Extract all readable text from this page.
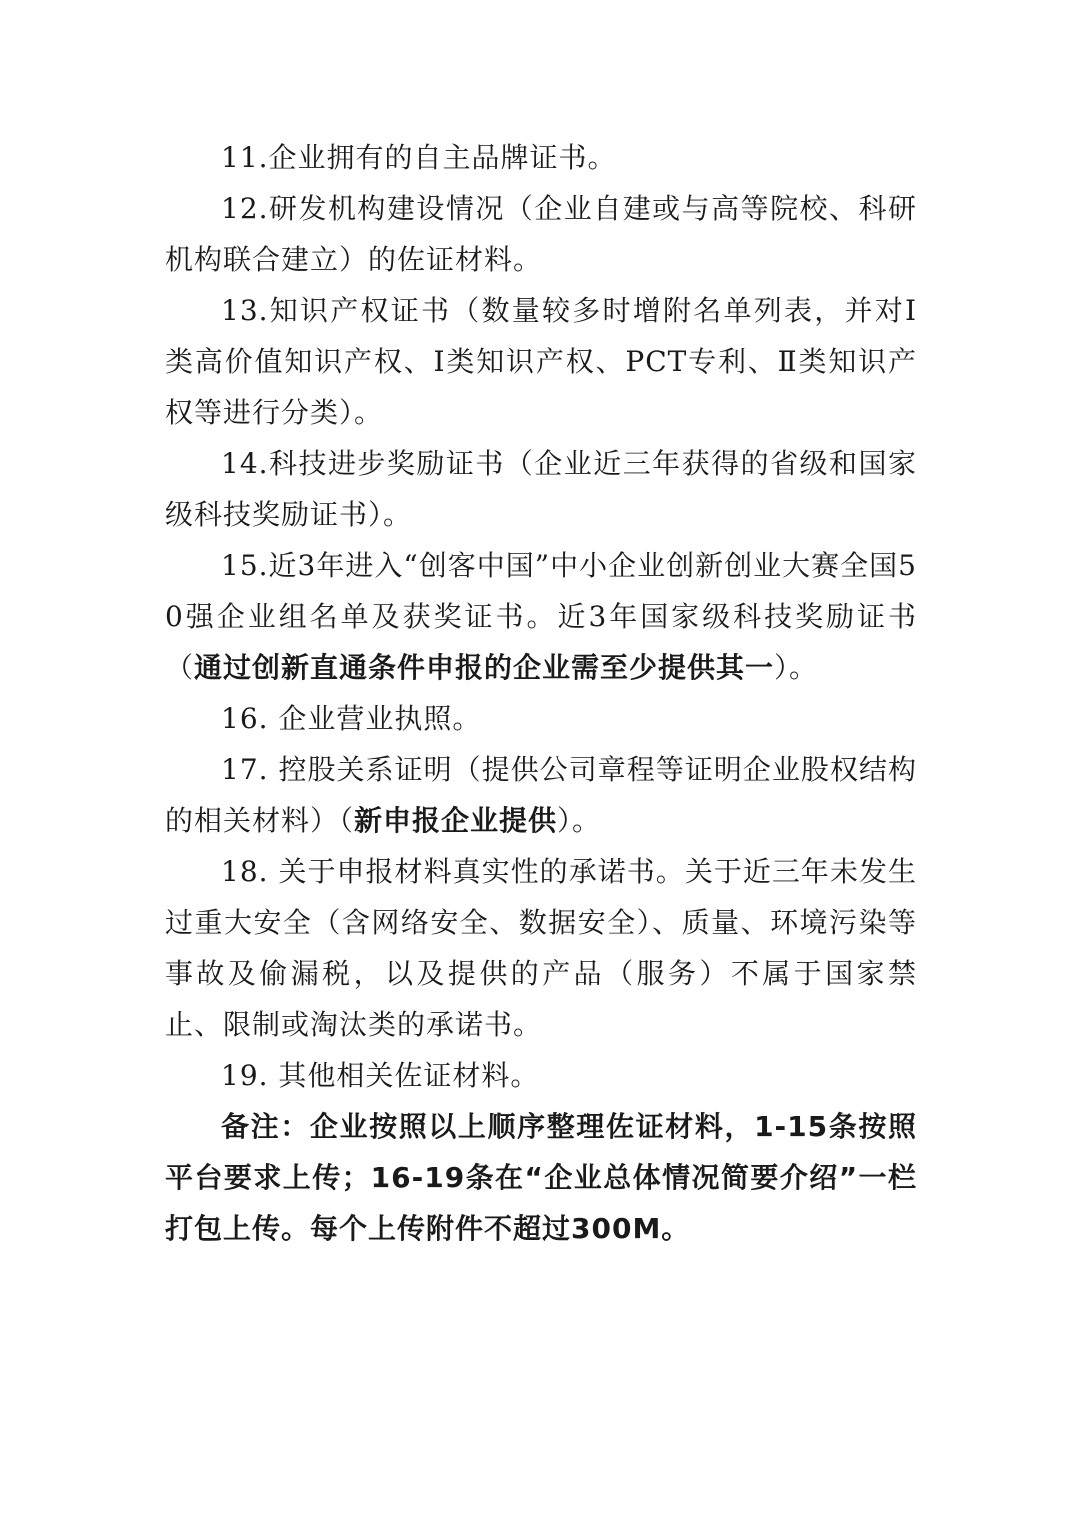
11.企业拥有的自主品牌证书。

12.研发机构建设情况（企业自建或与高等院校、科研机构联合建立）的佐证材料。

13.知识产权证书（数量较多时增附名单列表，并对Ⅰ类高价值知识产权、Ⅰ类知识产权、PCT专利、Ⅱ类知识产权等进行分类）。

14.科技进步奖励证书（企业近三年获得的省级和国家级科技奖励证书）。

15.近3年进入“创客中国”中小企业创新创业大赛全国50强企业组名单及获奖证书。近3年国家级科技奖励证书（通过创新直通条件申报的企业需至少提供其一）。

16. 企业营业执照。

17. 控股关系证明（提供公司章程等证明企业股权结构的相关材料）（新申报企业提供）。

18. 关于申报材料真实性的承诺书。关于近三年未发生过重大安全（含网络安全、数据安全）、质量、环境污染等事故及偷漏税，以及提供的产品（服务）不属于国家禁止、限制或淘汰类的承诺书。

19. 其他相关佐证材料。

备注：企业按照以上顺序整理佐证材料，1-15条按照平台要求上传；16-19条在“企业总体情况简要介绍”一栏打包上传。每个上传附件不超过300M。
